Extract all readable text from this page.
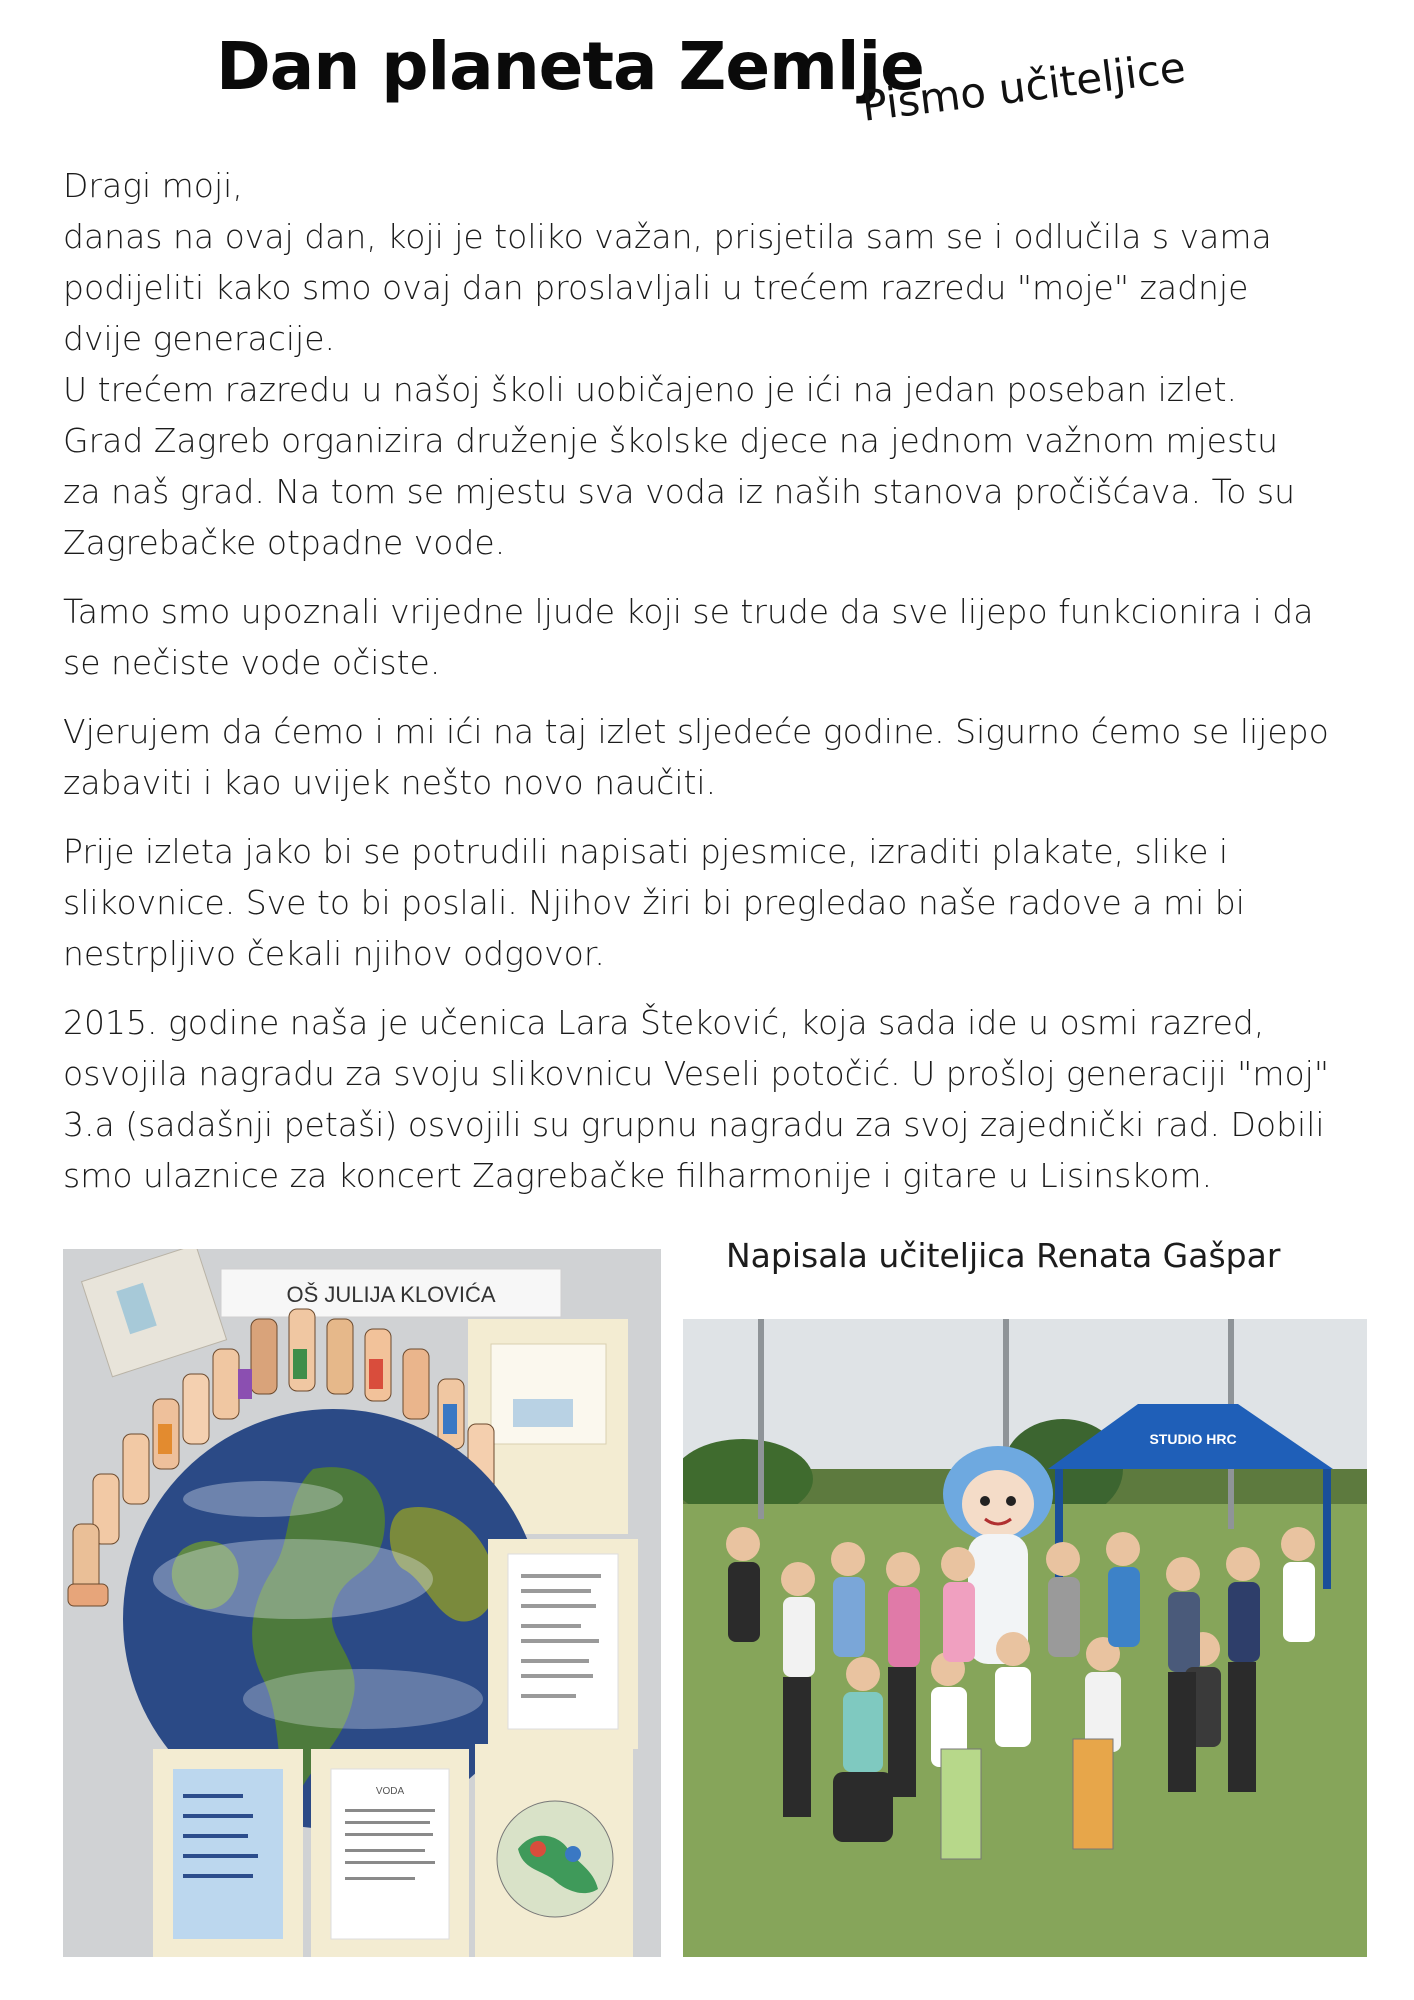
Dan planeta Zemlje
Pismo učiteljice

Dragi moji,

danas na ovaj dan, koji je toliko važan, prisjetila sam se i odlučila s vama
podijeliti kako smo ovaj dan proslavljali u trećem razredu "moje" zadnje
dvije generacije.
U trećem razredu u našoj školi uobičajeno je ići na jedan poseban izlet.
Grad Zagreb organizira druženje školske djece na jednom važnom mjestu
za naš grad. Na tom se mjestu sva voda iz naših stanova pročišćava. To su
Zagrebačke otpadne vode.

Tamo smo upoznali vrijedne ljude koji se trude da sve lijepo funkcionira i da
se nečiste vode očiste.

Vjerujem da ćemo i mi ići na taj izlet sljedeće godine. Sigurno ćemo se lijepo
zabaviti i kao uvijek nešto novo naučiti.

Prije izleta jako bi se potrudili napisati pjesmice, izraditi plakate, slike i
slikovnice. Sve to bi poslali. Njihov žiri bi pregledao naše radove a mi bi
nestrpljivo čekali njihov odgovor.

2015. godine naša je učenica Lara Šteković, koja sada ide u osmi razred,
osvojila nagradu za svoju slikovnicu Veseli potočić. U prošloj generaciji "moj"
3.a (sadašnji petaši) osvojili su grupnu nagradu za svoj zajednički rad. Dobili
smo ulaznice za koncert Zagrebačke filharmonije i gitare u Lisinskom.

Napisala učiteljica Renata Gašpar
OŠ JULIJA KLOVIĆA
VODA
STUDIO HRC
